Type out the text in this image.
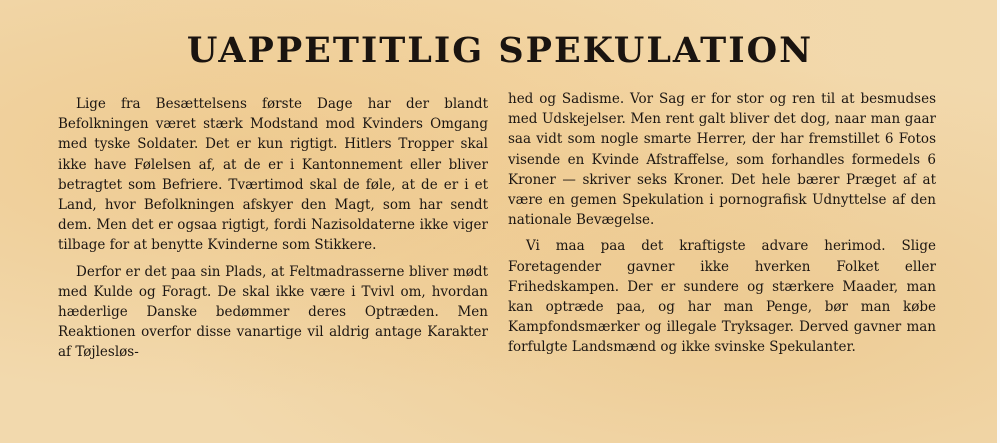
UAPPETITLIG SPEKULATION

Lige fra Besættelsens første Dage har der blandt Befolkningen været stærk Modstand mod Kvinders Omgang med tyske Soldater. Det er kun rigtigt. Hitlers Tropper skal ikke have Følelsen af, at de er i Kantonnement eller bliver betragtet som Befriere. Tværtimod skal de føle, at de er i et Land, hvor Befolkningen afskyer den Magt, som har sendt dem. Men det er ogsaa rigtigt, fordi Nazisoldaterne ikke viger tilbage for at benytte Kvinderne som Stikkere.

Derfor er det paa sin Plads, at Feltmadrasserne bliver mødt med Kulde og Foragt. De skal ikke være i Tvivl om, hvordan hæderlige Danske bedømmer deres Optræden. Men Reaktionen overfor disse vanartige vil aldrig antage Karakter af Tøjlesløs-

hed og Sadisme. Vor Sag er for stor og ren til at besmudses med Udskejelser. Men rent galt bliver det dog, naar man gaar saa vidt som nogle smarte Herrer, der har fremstillet 6 Fotos visende en Kvinde Afstraffelse, som forhandles formedels 6 Kroner — skriver seks Kroner. Det hele bærer Præget af at være en gemen Spekulation i pornografisk Udnyttelse af den nationale Bevægelse.

Vi maa paa det kraftigste advare herimod. Slige Foretagender gavner ikke hverken Folket eller Frihedskampen. Der er sundere og stærkere Maader, man kan optræde paa, og har man Penge, bør man købe Kampfondsmærker og illegale Tryksager. Derved gavner man forfulgte Landsmænd og ikke svinske Spekulanter.
